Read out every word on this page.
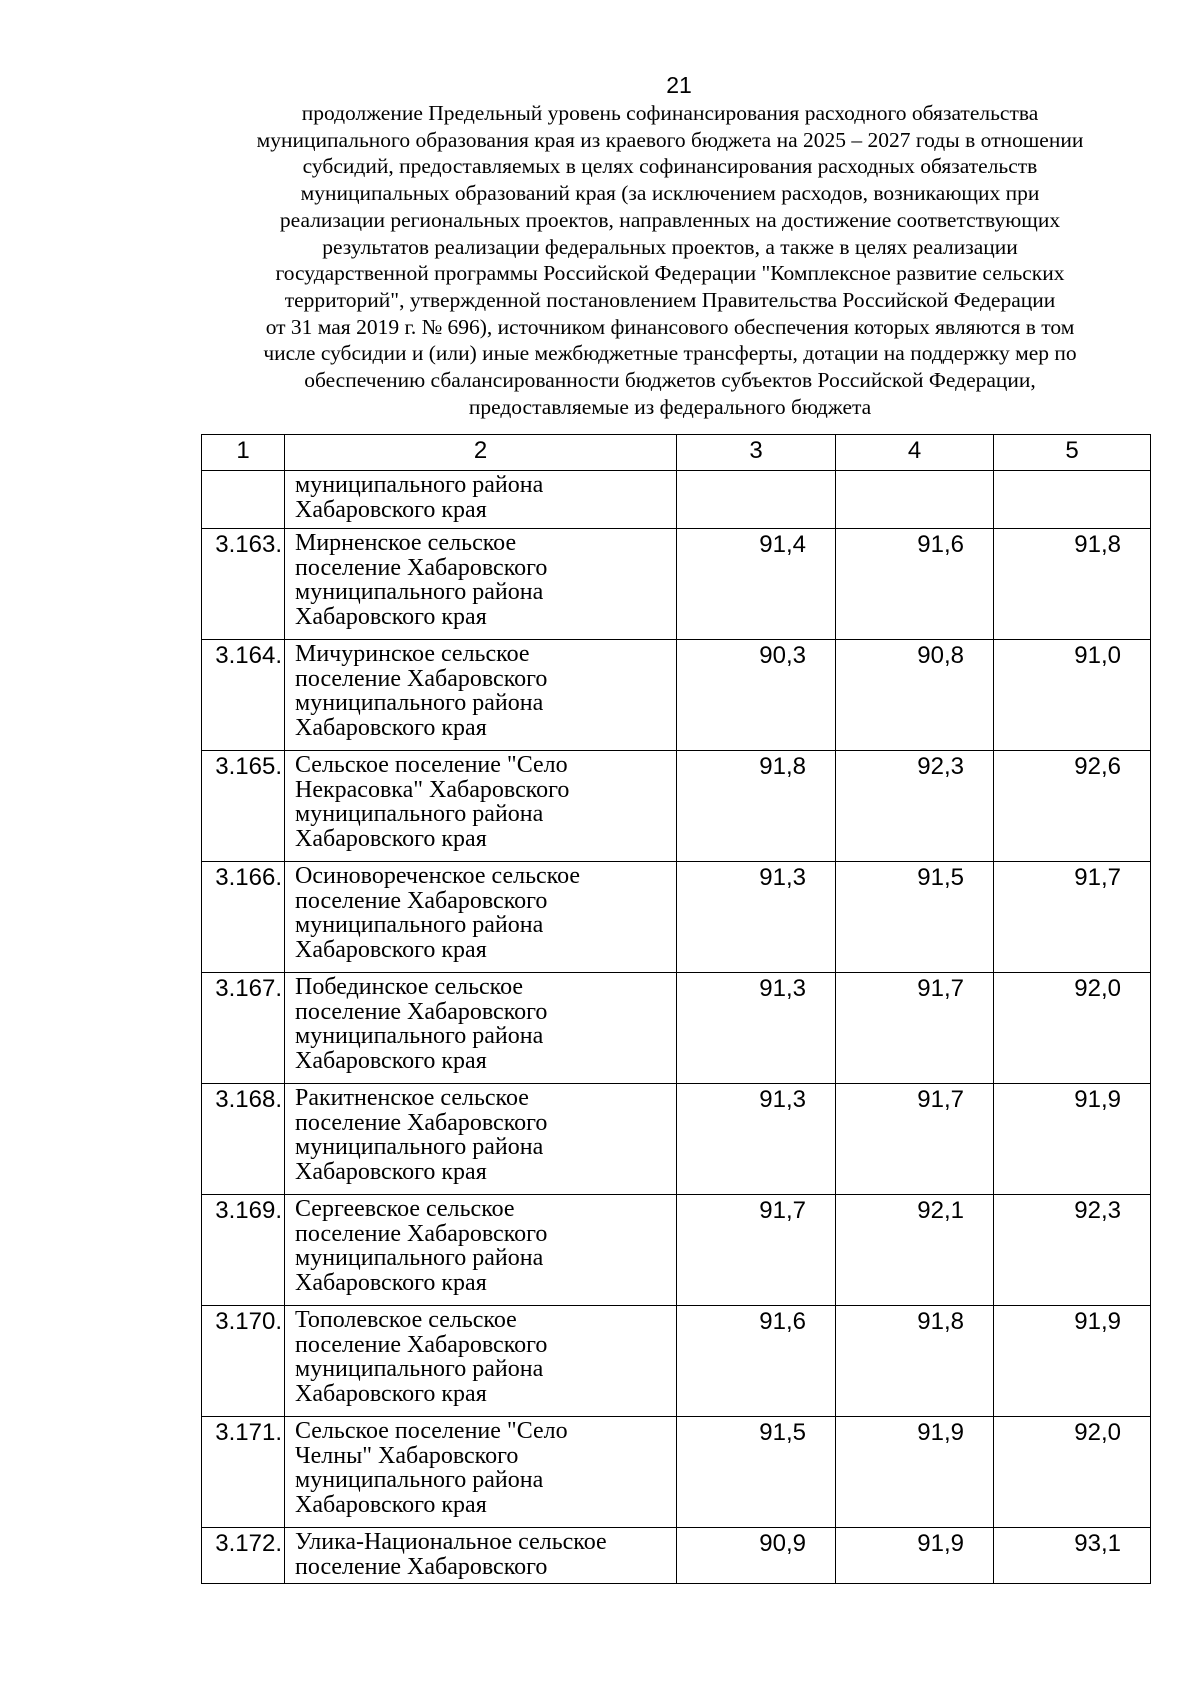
21
продолжение Предельный уровень софинансирования расходного обязательства
муниципального образования края из краевого бюджета на 2025 – 2027 годы в отношении
субсидий, предоставляемых в целях софинансирования расходных обязательств
муниципальных образований края (за исключением расходов, возникающих при
реализации региональных проектов, направленных на достижение соответствующих
результатов реализации федеральных проектов, а также в целях реализации
государственной программы Российской Федерации "Комплексное развитие сельских
территорий", утвержденной постановлением Правительства Российской Федерации
от 31 мая 2019 г. № 696), источником финансового обеспечения которых являются в том
числе субсидии и (или) иные межбюджетные трансферты, дотации на поддержку мер по
обеспечению сбалансированности бюджетов субъектов Российской Федерации,
предоставляемые из федерального бюджета
1	2	3	4	5

	муниципального района
Хабаровского края			

3.163.	Мирненское сельское
поселение Хабаровского
муниципального района
Хабаровского края	91,4	91,6	91,8
3.164.	Мичуринское сельское
поселение Хабаровского
муниципального района
Хабаровского края	90,3	90,8	91,0
3.165.	Сельское поселение "Село
Некрасовка" Хабаровского
муниципального района
Хабаровского края	91,8	92,3	92,6
3.166.	Осиновореченское сельское
поселение Хабаровского
муниципального района
Хабаровского края	91,3	91,5	91,7
3.167.	Побединское сельское
поселение Хабаровского
муниципального района
Хабаровского края	91,3	91,7	92,0
3.168.	Ракитненское сельское
поселение Хабаровского
муниципального района
Хабаровского края	91,3	91,7	91,9
3.169.	Сергеевское сельское
поселение Хабаровского
муниципального района
Хабаровского края	91,7	92,1	92,3
3.170.	Тополевское сельское
поселение Хабаровского
муниципального района
Хабаровского края	91,6	91,8	91,9
3.171.	Сельское поселение "Село
Челны" Хабаровского
муниципального района
Хабаровского края	91,5	91,9	92,0
3.172.	Улика-Национальное сельское
поселение Хабаровского	90,9	91,9	93,1
